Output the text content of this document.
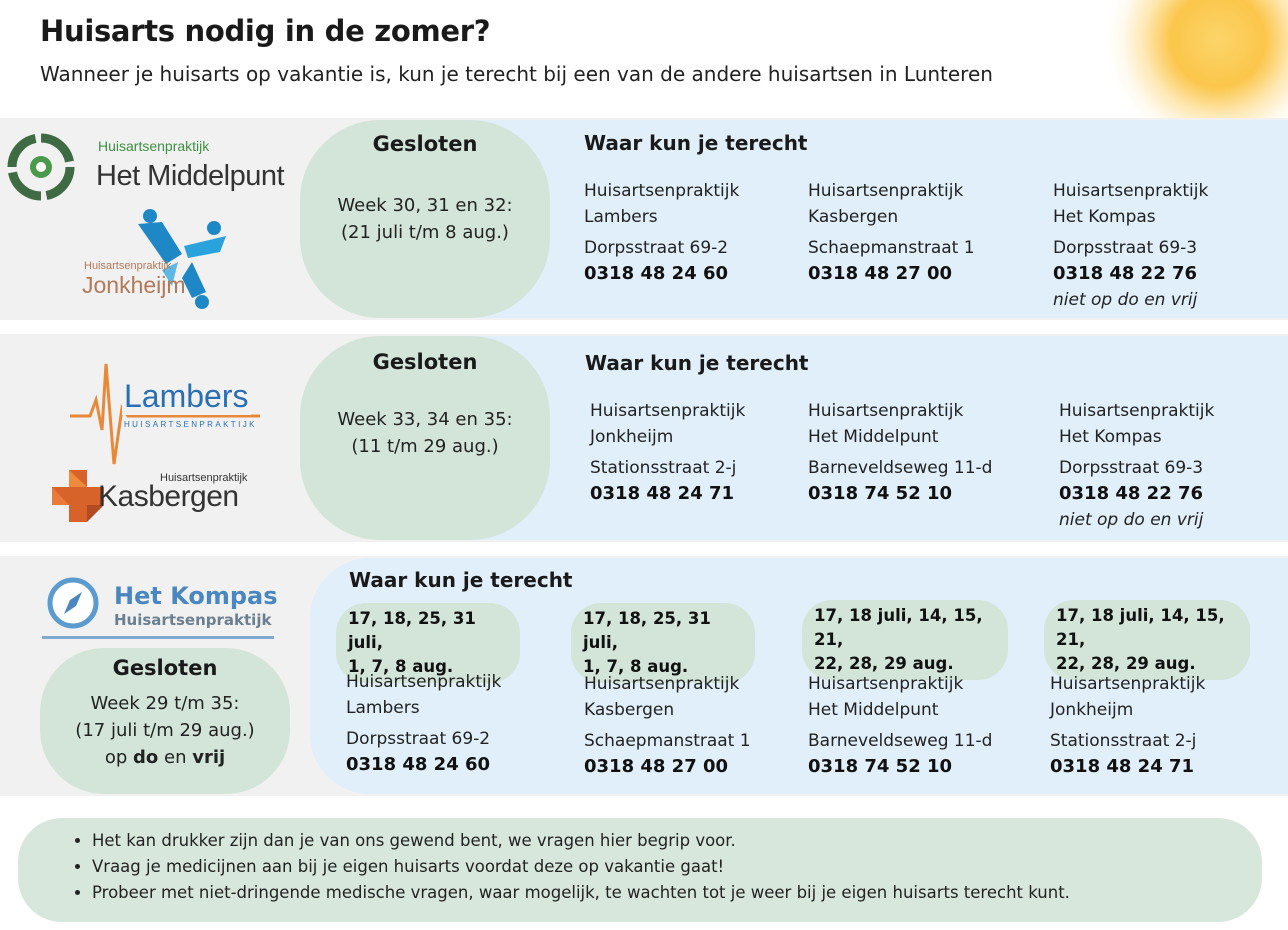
Huisarts nodig in de zomer?

Wanneer je huisarts op vakantie is, kun je terecht bij een van de andere huisartsen in Lunteren

Huisartsenpraktijk
Het Middelpunt
Huisartsenpraktijk
Jonkheijm
Gesloten
Week 30, 31 en 32:
(21 juli t/m 8 aug.)
Waar kun je terecht
Huisartsenpraktijk
Lambers
Dorpsstraat 69-2
0318 48 24 60
Huisartsenpraktijk
Kasbergen
Schaepmanstraat 1
0318 48 27 00
Huisartsenpraktijk
Het Kompas
Dorpsstraat 69-3
0318 48 22 76
niet op do en vrij
Lambers
HUISARTSENPRAKTIJK
Huisartsenpraktijk
Kasbergen
Gesloten
Week 33, 34 en 35:
(11 t/m 29 aug.)
Waar kun je terecht
Huisartsenpraktijk
Jonkheijm
Stationsstraat 2-j
0318 48 24 71
Huisartsenpraktijk
Het Middelpunt
Barneveldseweg 11-d
0318 74 52 10
Huisartsenpraktijk
Het Kompas
Dorpsstraat 69-3
0318 48 22 76
niet op do en vrij
Het Kompas
Huisartsenpraktijk
Gesloten
Week 29 t/m 35:
(17 juli t/m 29 aug.)
op do en vrij
Waar kun je terecht
17, 18, 25, 31 juli,
1, 7, 8 aug.
17, 18, 25, 31 juli,
1, 7, 8 aug.
17, 18 juli, 14, 15, 21,
22, 28, 29 aug.
17, 18 juli, 14, 15, 21,
22, 28, 29 aug.
Huisartsenpraktijk
Lambers
Dorpsstraat 69-2
0318 48 24 60
Huisartsenpraktijk
Kasbergen
Schaepmanstraat 1
0318 48 27 00
Huisartsenpraktijk
Het Middelpunt
Barneveldseweg 11-d
0318 74 52 10
Huisartsenpraktijk
Jonkheijm
Stationsstraat 2-j
0318 48 24 71
• Het kan drukker zijn dan je van ons gewend bent, we vragen hier begrip voor.
• Vraag je medicijnen aan bij je eigen huisarts voordat deze op vakantie gaat!
• Probeer met niet-dringende medische vragen, waar mogelijk, te wachten tot je weer bij je eigen huisarts terecht kunt.
